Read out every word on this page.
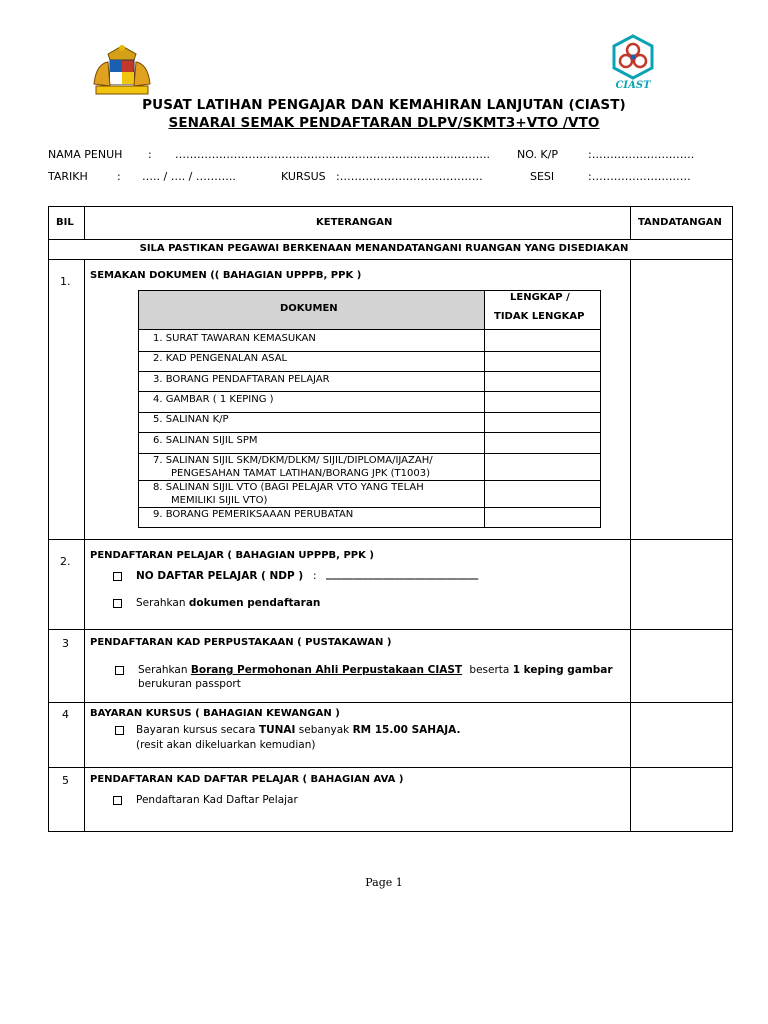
CIAST
PUSAT LATIHAN PENGAJAR DAN KEMAHIRAN LANJUTAN (CIAST)
SENARAI SEMAK PENDAFTARAN DLPV/SKMT3+VTO /VTO
NAMA PENUH : ………………………………………………………………………….. NO. K/P	:……………………….
TARIKH	: ….. / …. / ………..	KURSUS :…………………………………	SESI	:………………………
BIL	KETERANGAN	TANDATANGAN
SILA PASTIKAN PEGAWAI BERKENAAN MENANDATANGANI RUANGAN YANG DISEDIAKAN
1. SEMAKAN DOKUMEN (( BAHAGIAN UPPPB, PPK )
DOKUMEN
LENGKAP /
TIDAK LENGKAP
1. SURAT TAWARAN KEMASUKAN
2. KAD PENGENALAN ASAL
3. BORANG PENDAFTARAN PELAJAR
4. GAMBAR ( 1 KEPING )
5. SALINAN K/P
6. SALINAN SIJIL SPM
7. SALINAN SIJIL SKM/DKM/DLKM/ SIJIL/DIPLOMA/IJAZAH/
PENGESAHAN TAMAT LATIHAN/BORANG JPK (T1003)
8. SALINAN SIJIL VTO (BAGI PELAJAR VTO YANG TELAH
MEMILIKI SIJIL VTO)
9. BORANG PEMERIKSAAAN PERUBATAN
2. PENDAFTARAN PELAJAR ( BAHAGIAN UPPPB, PPK )
NO DAFTAR PELAJAR ( NDP ) : _____________________________
Serahkan dokumen pendaftaran
3 PENDAFTARAN KAD PERPUSTAKAAN ( PUSTAKAWAN )
Serahkan Borang Permohonan Ahli Perpustakaan CIAST beserta 1 keping gambar
berukuran passport
4 BAYARAN KURSUS ( BAHAGIAN KEWANGAN )
Bayaran kursus secara TUNAI sebanyak RM 15.00 SAHAJA.
(resit akan dikeluarkan kemudian)
5 PENDAFTARAN KAD DAFTAR PELAJAR ( BAHAGIAN AVA )
Pendaftaran Kad Daftar Pelajar
Page 1
